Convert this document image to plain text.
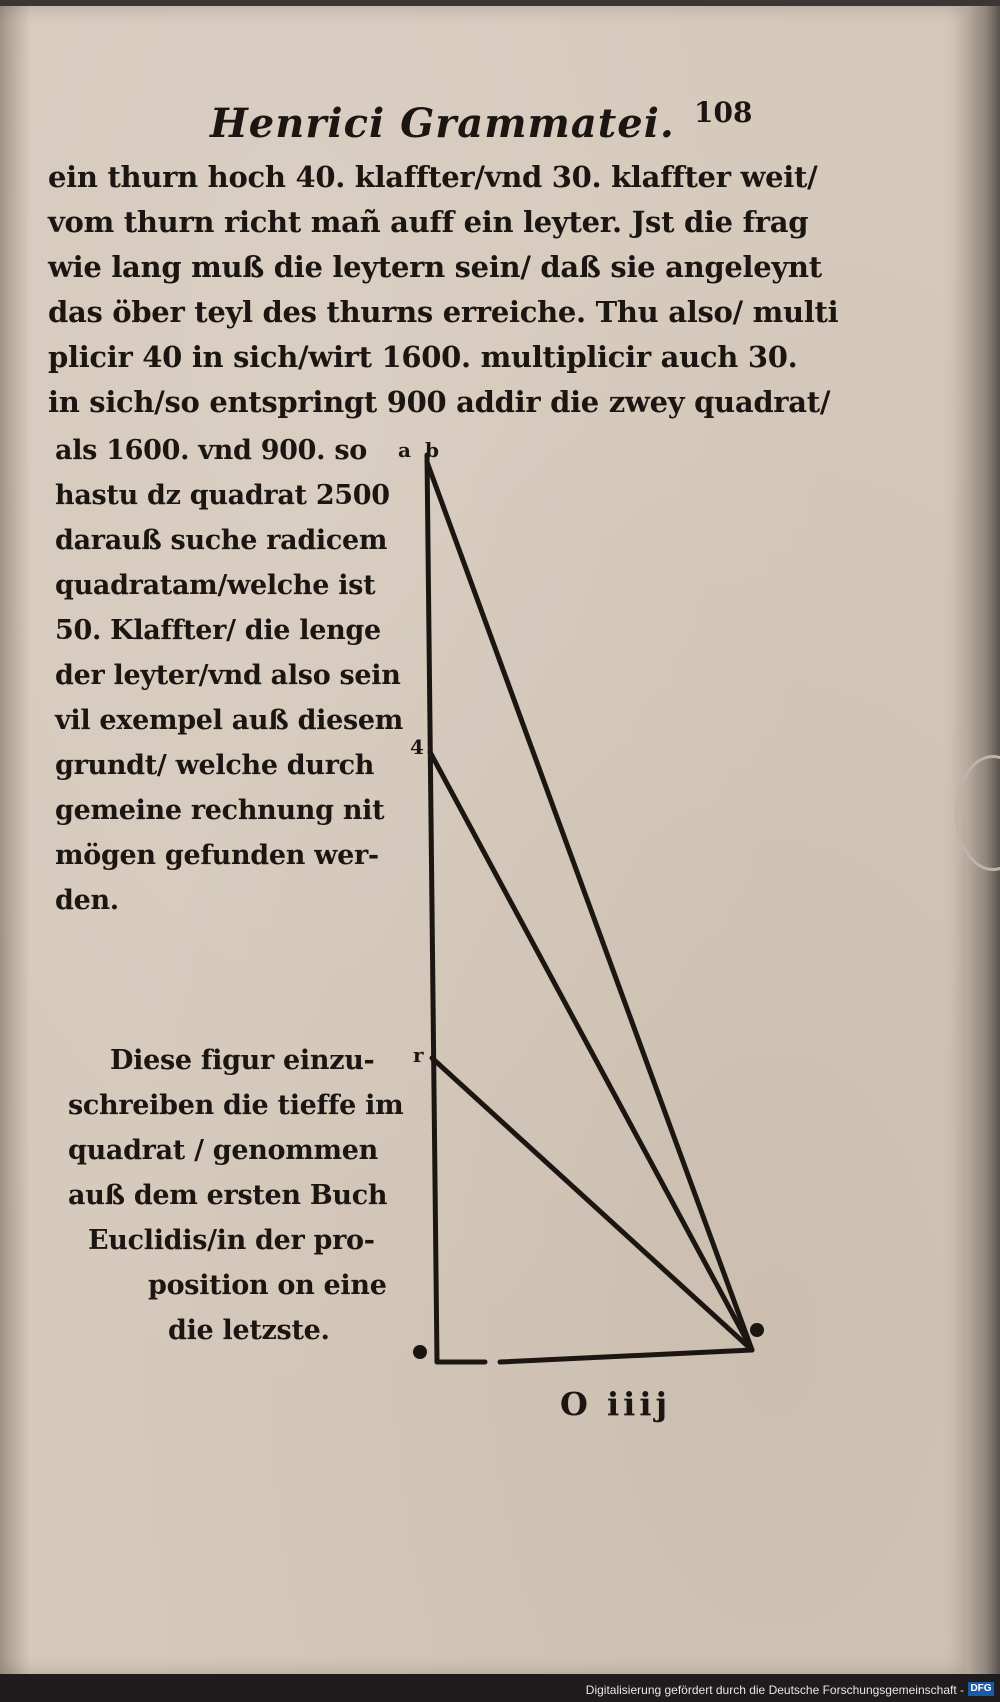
Henrici Grammatei. 108
ein thurn hoch 40. klaffter/vnd 30. klaffter weit/
vom thurn richt mañ auff ein leyter. Jst die frag
wie lang muß die leytern sein/ daß sie angeleynt
das öber teyl des thurns erreiche. Thu also/ multi
plicir 40 in sich/wirt 1600. multiplicir auch 30.
in sich/so entspringt 900 addir die zwey quadrat/
als 1600. vnd 900. so
hastu dz quadrat 2500
darauß suche radicem
quadratam/welche ist
50. Klaffter/ die lenge
der leyter/vnd also sein
vil exempel auß diesem
grundt/ welche durch
gemeine rechnung nit
mögen gefunden wer-
den.
Diese figur einzu-
schreiben die tieffe im
quadrat / genommen
auß dem ersten Buch
Euclidis/in der pro-
position on eine
die letzste.
a b
4
r
O iiij
Digitalisierung gefördert durch die Deutsche Forschungsgemeinschaft - DFG
